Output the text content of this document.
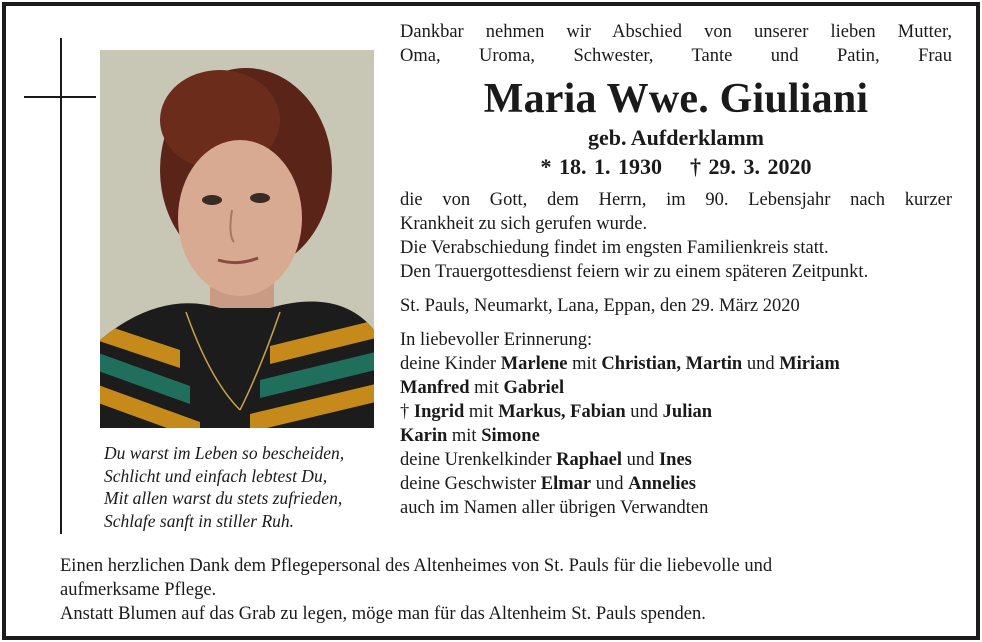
Du warst im Leben so bescheiden,
Schlicht und einfach lebtest Du,
Mit allen warst du stets zufrieden,
Schlafe sanft in stiller Ruh.
Dankbar nehmen wir Abschied von unserer lieben Mutter,
Oma, Uroma, Schwester, Tante und Patin, Frau
Maria Wwe. Giuliani
geb. Aufderklamm
* 18. 1. 1930 † 29. 3. 2020
die von Gott, dem Herrn, im 90. Lebensjahr nach kurzer
Krankheit zu sich gerufen wurde.
Die Verabschiedung findet im engsten Familienkreis statt.
Den Trauergottesdienst feiern wir zu einem späteren Zeitpunkt.
St. Pauls, Neumarkt, Lana, Eppan, den 29. März 2020
In liebevoller Erinnerung:
deine Kinder Marlene mit Christian, Martin und Miriam
Manfred mit Gabriel
† Ingrid mit Markus, Fabian und Julian
Karin mit Simone
deine Urenkelkinder Raphael und Ines
deine Geschwister Elmar und Annelies
auch im Namen aller übrigen Verwandten
Einen herzlichen Dank dem Pflegepersonal des Altenheimes von St. Pauls für die liebevolle und
aufmerksame Pflege.
Anstatt Blumen auf das Grab zu legen, möge man für das Altenheim St. Pauls spenden.
